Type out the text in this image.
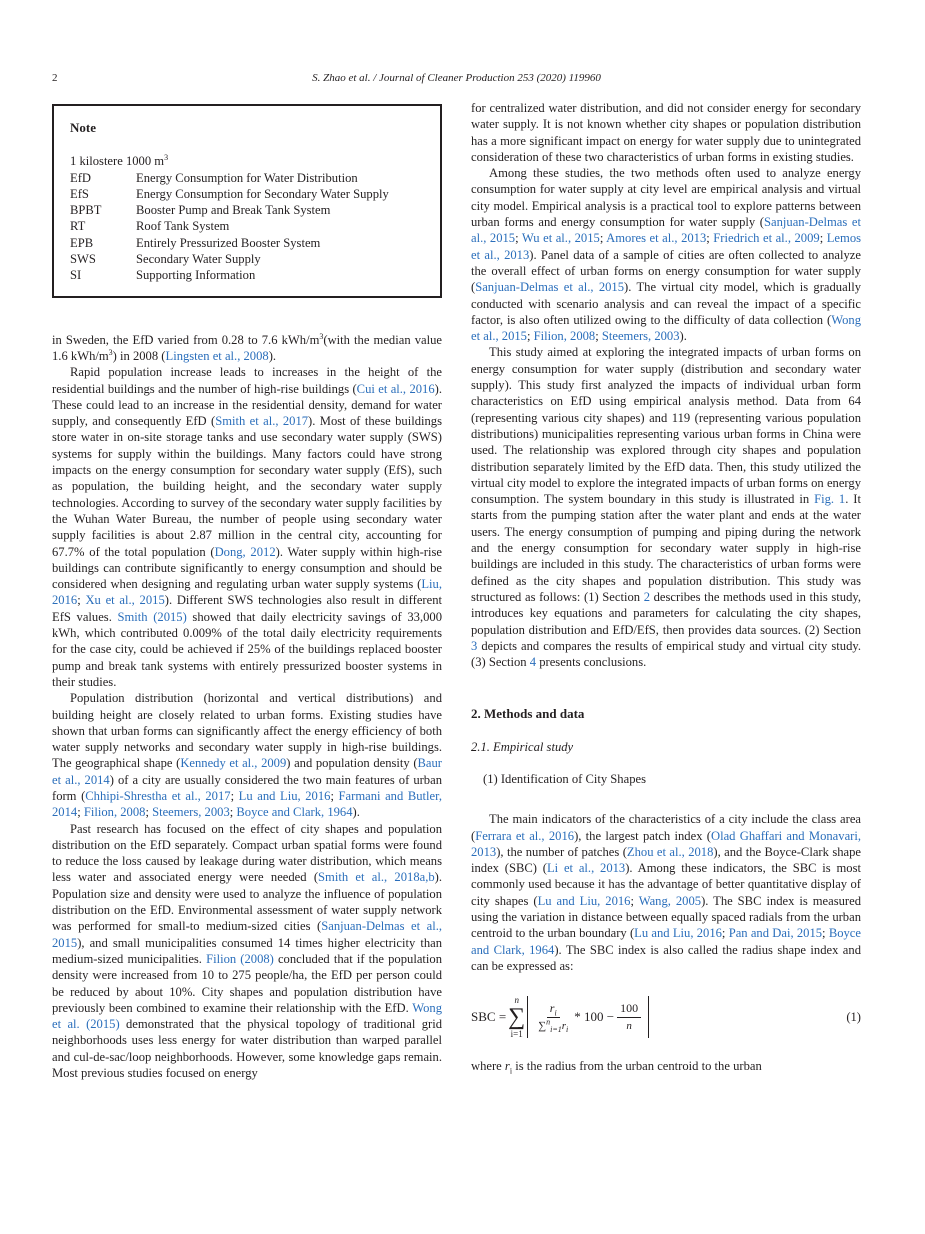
2	S. Zhao et al. / Journal of Cleaner Production 253 (2020) 119960
Note
1 kilostere 1000 $m^3$
EfD	Energy Consumption for Water Distribution
EfS	Energy Consumption for Secondary Water Supply
BPBT	Booster Pump and Break Tank System
RT	Roof Tank System
EPB	Entirely Pressurized Booster System
SWS	Secondary Water Supply
SI	Supporting Information

in Sweden, the EfD varied from 0.28 to 7.6 kWh/$m^3(with$ the median value 1.6 kWh/$m^3$) in 2008 (Lingsten et al., 2008).

Rapid population increase leads to increases in the height of the residential buildings and the number of high-rise buildings (Cui et al., 2016). These could lead to an increase in the residential density, demand for water supply, and consequently EfD (Smith et al., 2017). Most of these buildings store water in on-site storage tanks and use secondary water supply (SWS) systems for supply within the buildings. Many factors could have strong impacts on the energy consumption for secondary water supply (EfS), such as population, the building height, and the secondary water supply technologies. According to survey of the secondary water supply facilities by the Wuhan Water Bureau, the number of people using secondary water supply facilities is about 2.87 million in the central city, accounting for 67.7% of the total population (Dong, 2012). Water supply within high-rise buildings can contribute significantly to energy consumption and should be considered when designing and regulating urban water supply systems (Liu, 2016; Xu et al., 2015). Different SWS technologies also result in different EfS values. Smith (2015) showed that daily electricity savings of 33,000 kWh, which contributed 0.009% of the total daily electricity requirements for the case city, could be achieved if 25% of the buildings replaced booster pump and break tank systems with entirely pressurized booster systems in their studies.

Population distribution (horizontal and vertical distributions) and building height are closely related to urban forms. Existing studies have shown that urban forms can significantly affect the energy efficiency of both water supply networks and secondary water supply in high-rise buildings. The geographical shape (Kennedy et al., 2009) and population density (Baur et al., 2014) of a city are usually considered the two main features of urban form (Chhipi-Shrestha et al., 2017; Lu and Liu, 2016; Farmani and Butler, 2014; Filion, 2008; Steemers, 2003; Boyce and Clark, 1964).

Past research has focused on the effect of city shapes and population distribution on the EfD separately. Compact urban spatial forms were found to reduce the loss caused by leakage during water distribution, which means less water and associated energy were needed (Smith et al., 2018a,b). Population size and density were used to analyze the influence of population distribution on the EfD. Environmental assessment of water supply network was performed for small-to medium-sized cities (Sanjuan-Delmas et al., 2015), and small municipalities consumed 14 times higher electricity than medium-sized municipalities. Filion (2008) concluded that if the population density were increased from 10 to 275 people/ha, the EfD per person could be reduced by about 10%. City shapes and population distribution have previously been combined to examine their relationship with the EfD. Wong et al. (2015) demonstrated that the physical topology of traditional grid neighborhoods uses less energy for water distribution than warped parallel and cul-de-sac/loop neighborhoods. However, some knowledge gaps remain. Most previous studies focused on energy

for centralized water distribution, and did not consider energy for secondary water supply. It is not known whether city shapes or population distribution has a more significant impact on energy for water supply due to unintegrated consideration of these two characteristics of urban forms in existing studies.

Among these studies, the two methods often used to analyze energy consumption for water supply at city level are empirical analysis and virtual city model. Empirical analysis is a practical tool to explore patterns between urban forms and energy consumption for water supply (Sanjuan-Delmas et al., 2015; Wu et al., 2015; Amores et al., 2013; Friedrich et al., 2009; Lemos et al., 2013). Panel data of a sample of cities are often collected to analyze the overall effect of urban forms on energy consumption for water supply (Sanjuan-Delmas et al., 2015). The virtual city model, which is gradually conducted with scenario analysis and can reveal the impact of a specific factor, is also often utilized owing to the difficulty of data collection (Wong et al., 2015; Filion, 2008; Steemers, 2003).

This study aimed at exploring the integrated impacts of urban forms on energy consumption for water supply (distribution and secondary water supply). This study first analyzed the impacts of individual urban form characteristics on EfD using empirical analysis method. Data from 64 (representing various city shapes) and 119 (representing various population distributions) municipalities representing various urban forms in China were used. The relationship was explored through city shapes and population distribution separately limited by the EfD data. Then, this study utilized the virtual city model to explore the integrated impacts of urban forms on energy consumption. The system boundary in this study is illustrated in Fig. 1. It starts from the pumping station after the water plant and ends at the water users. The energy consumption of pumping and piping during the network and the energy consumption for secondary water supply in high-rise buildings are included in this study. The characteristics of urban forms were defined as the city shapes and population distribution. This study was structured as follows: (1) Section 2 describes the methods used in this study, introduces key equations and parameters for calculating the city shapes, population distribution and EfD/EfS, then provides data sources. (2) Section 3 depicts and compares the results of empirical study and virtual city study. (3) Section 4 presents conclusions.

2. Methods and data
2.1. Empirical study
(1) Identification of City Shapes

The main indicators of the characteristics of a city include the class area (Ferrara et al., 2016), the largest patch index (Olad Ghaffari and Monavari, 2013), the number of patches (Zhou et al., 2018), and the Boyce-Clark shape index (SBC) (Li et al., 2013). Among these indicators, the SBC is most commonly used because it has the advantage of better quantitative display of city shapes (Lu and Liu, 2016; Wang, 2005). The SBC index is measured using the variation in distance between equally spaced radials from the urban centroid to the urban boundary (Lu and Liu, 2016; Pan and Dai, 2015; Boyce and Clark, 1964). The SBC index is also called the radius shape index and can be expressed as:

SBC =
n
∑
i=1
$\frac{r_i}{\sum^n_{i=1}r_i} * 100 - \frac{100}{n}$	(1)

where $r_i$ is the radius from the urban centroid to the urban
